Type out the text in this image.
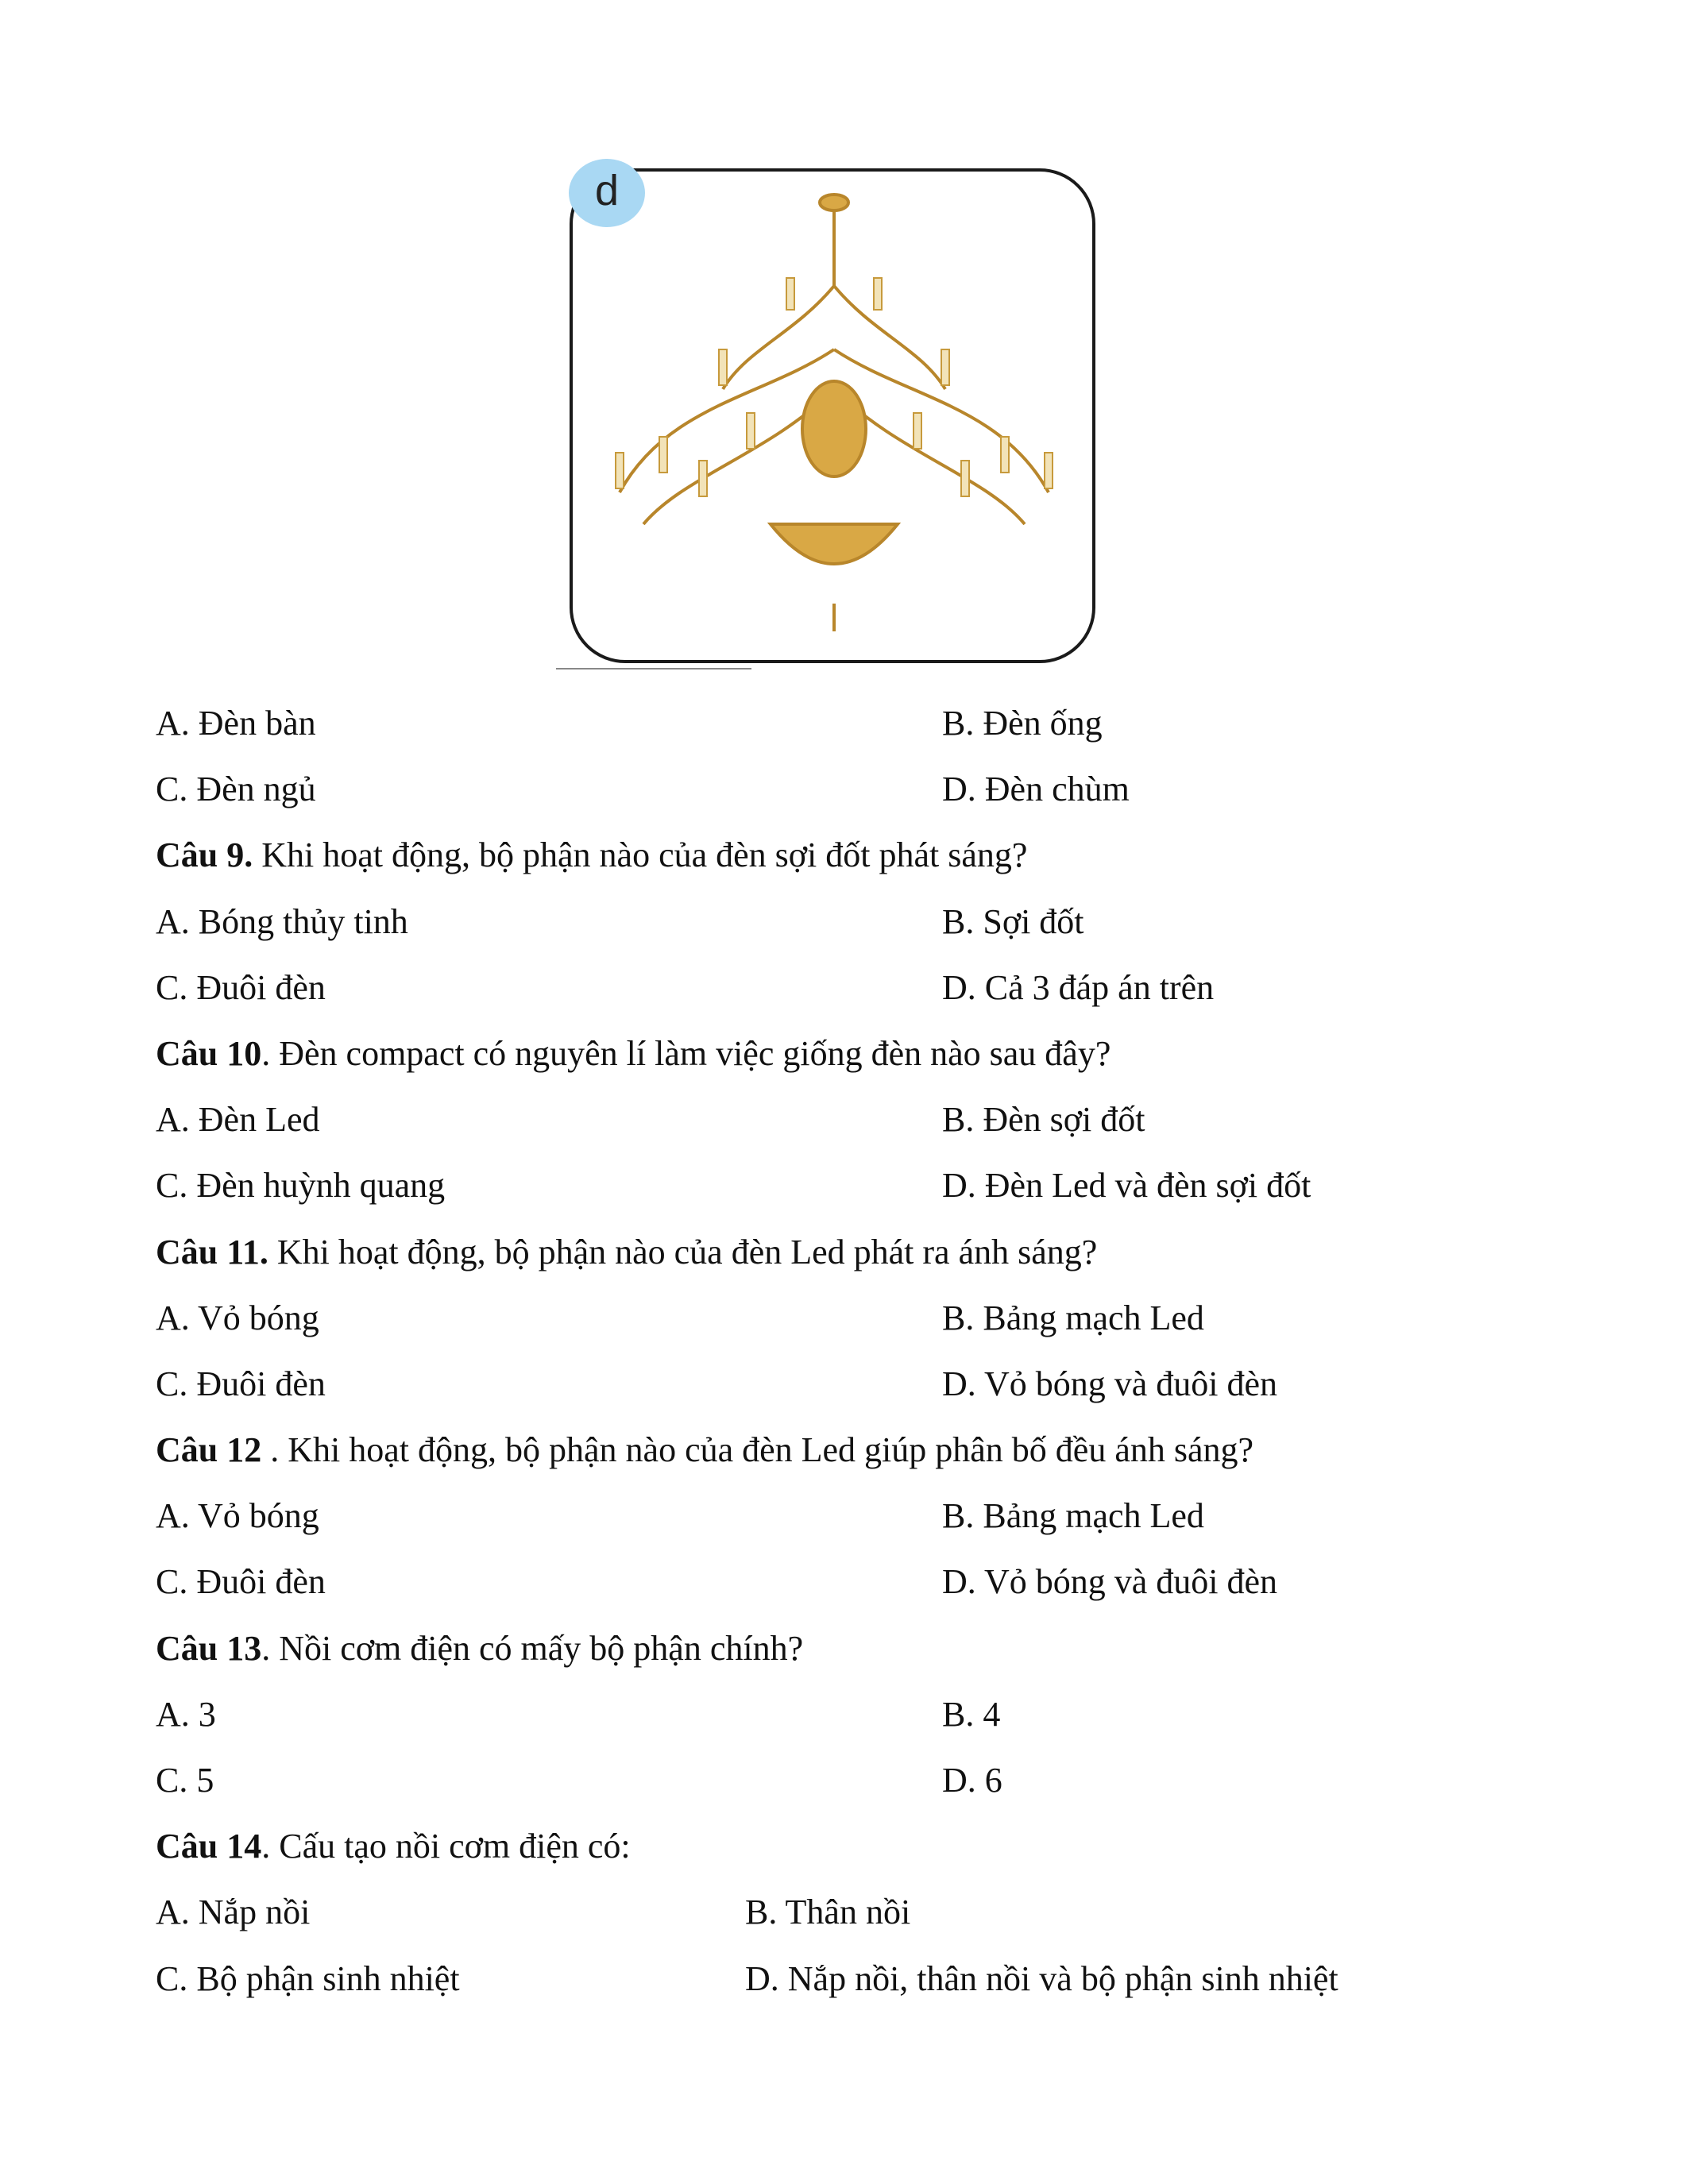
d
A. Đèn bàn	B. Đèn ống
C. Đèn ngủ	D. Đèn chùm
Câu 9. Khi hoạt động, bộ phận nào của đèn sợi đốt phát sáng?
A. Bóng thủy tinh	B. Sợi đốt
C. Đuôi đèn	D. Cả 3 đáp án trên
Câu 10. Đèn compact có nguyên lí làm việc giống đèn nào sau đây?
A. Đèn Led	B. Đèn sợi đốt
C. Đèn huỳnh quang	D. Đèn Led và đèn sợi đốt
Câu 11. Khi hoạt động, bộ phận nào của đèn Led phát ra ánh sáng?
A. Vỏ bóng	B. Bảng mạch Led
C. Đuôi đèn	D. Vỏ bóng và đuôi đèn
Câu 12 . Khi hoạt động, bộ phận nào của đèn Led giúp phân bố đều ánh sáng?
A. Vỏ bóng	B. Bảng mạch Led
C. Đuôi đèn	D. Vỏ bóng và đuôi đèn
Câu 13. Nồi cơm điện có mấy bộ phận chính?
A. 3	B. 4
C. 5	D. 6
Câu 14. Cấu tạo nồi cơm điện có:
A. Nắp nồi	B. Thân nồi
C. Bộ phận sinh nhiệt	D. Nắp nồi, thân nồi và bộ phận sinh nhiệt
